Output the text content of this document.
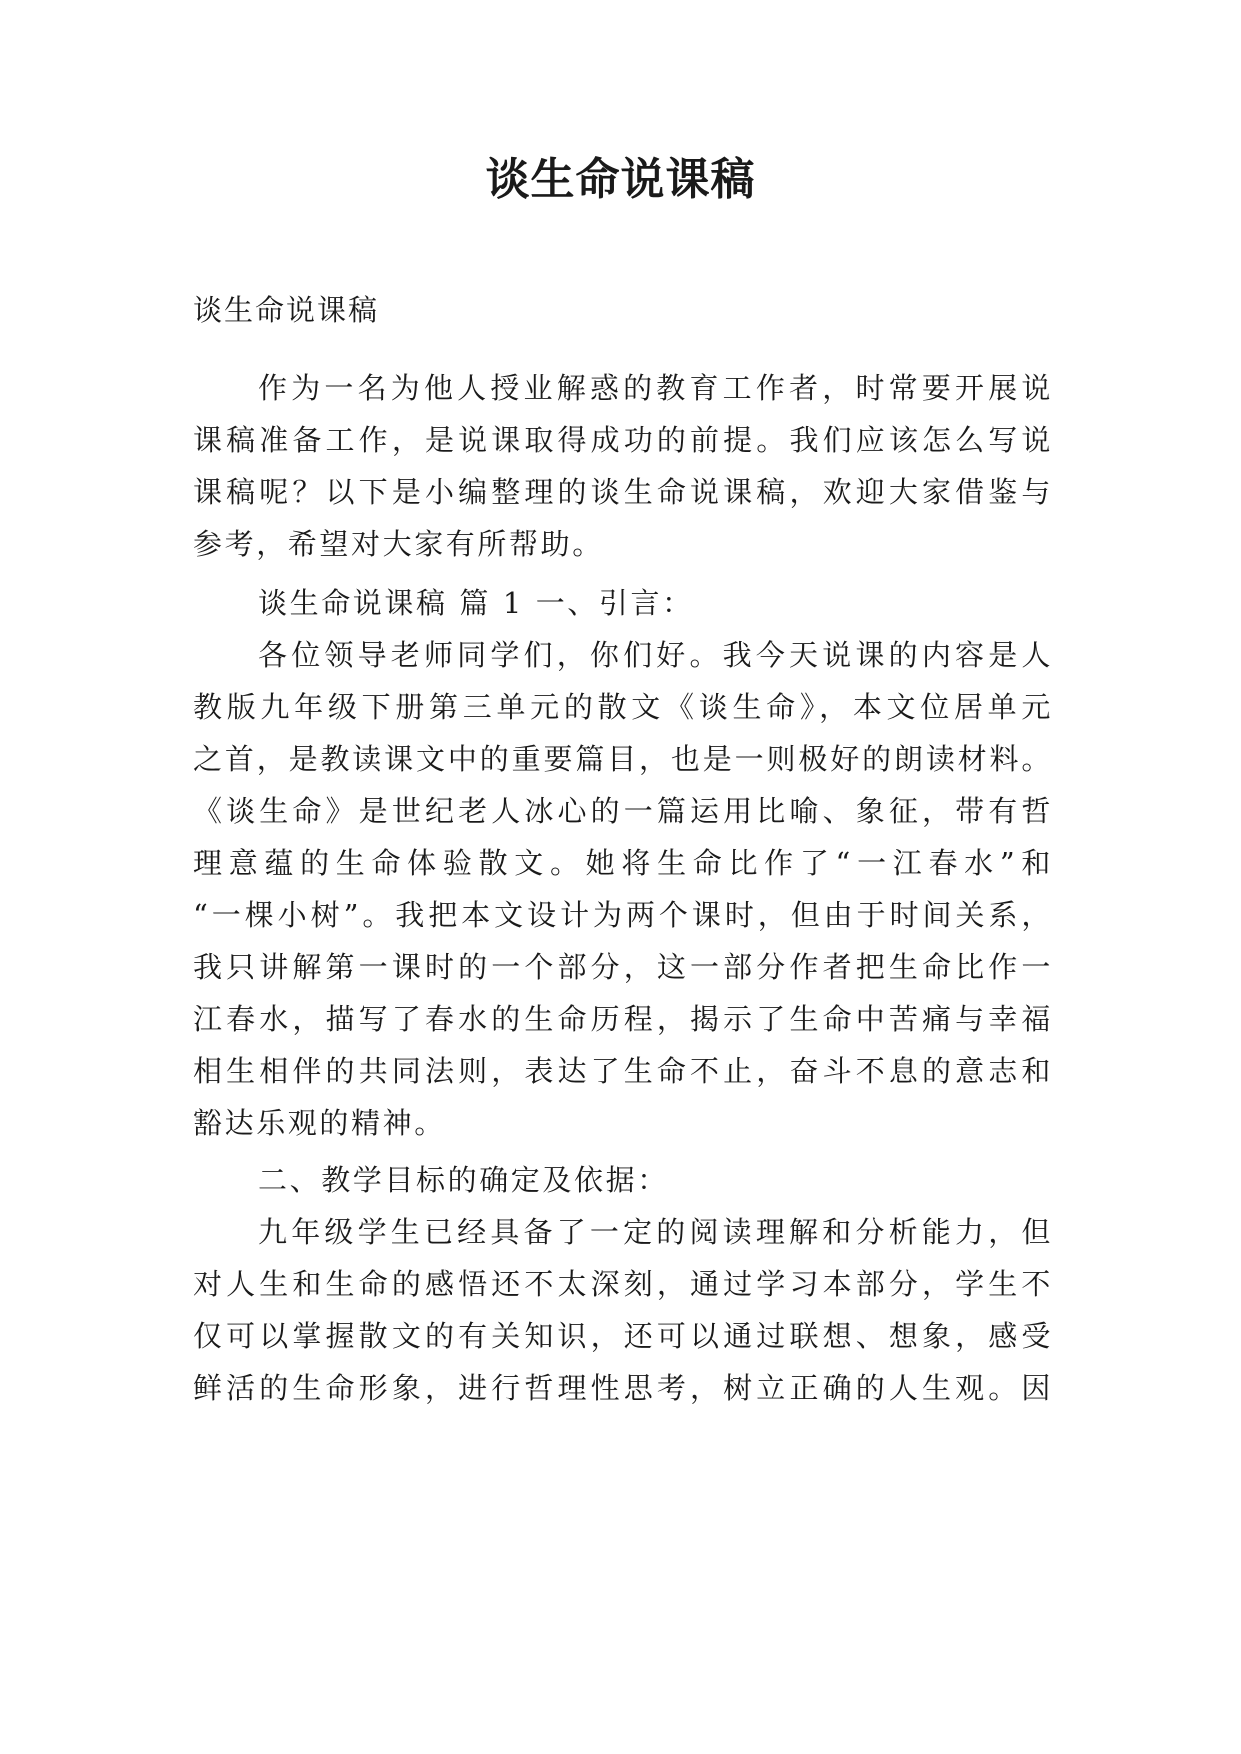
谈生命说课稿
谈生命说课稿
作为一名为他人授业解惑的教育工作者，时常要开展说
课稿准备工作，是说课取得成功的前提。我们应该怎么写说
课稿呢？以下是小编整理的谈生命说课稿，欢迎大家借鉴与
参考，希望对大家有所帮助。
谈生命说课稿 篇 1 一、引言：
各位领导老师同学们，你们好。我今天说课的内容是人
教版九年级下册第三单元的散文《谈生命》，本文位居单元
之首，是教读课文中的重要篇目，也是一则极好的朗读材料。
《谈生命》是世纪老人冰心的一篇运用比喻、象征，带有哲
理意蕴的生命体验散文。她将生命比作了“一江春水”和
“一棵小树”。我把本文设计为两个课时，但由于时间关系，
我只讲解第一课时的一个部分，这一部分作者把生命比作一
江春水，描写了春水的生命历程，揭示了生命中苦痛与幸福
相生相伴的共同法则，表达了生命不止，奋斗不息的意志和
豁达乐观的精神。
二、教学目标的确定及依据：
九年级学生已经具备了一定的阅读理解和分析能力，但
对人生和生命的感悟还不太深刻，通过学习本部分，学生不
仅可以掌握散文的有关知识，还可以通过联想、想象，感受
鲜活的生命形象，进行哲理性思考，树立正确的人生观。因
